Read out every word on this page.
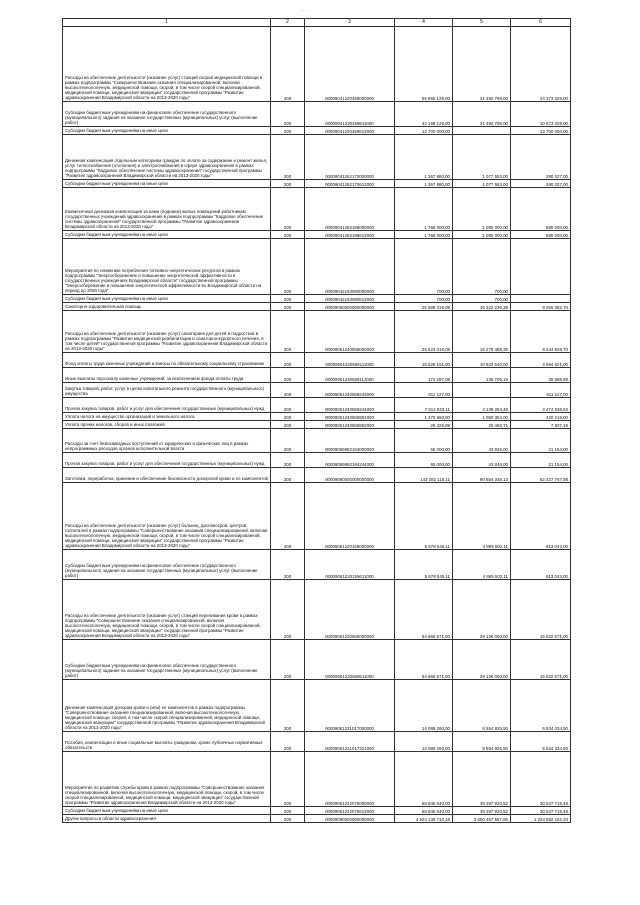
· · ·
1	2	3	4	5	6
Расходы на обеспечение деятельности (оказание услуг) станций скорой медицинской помощи в рамках подпрограммы "Совершенствование оказания специализированной, включая высокотехнологичную, медицинской помощи, скорой, в том числе скорой специализированной, медицинской помощи, медицинской эвакуации" государственной программы "Развитие здравоохранения Владимирской области на 2013-2020 годы"	200	00009041220459000000	55 860 128,00	31 492 799,00	24 373 329,00
Субсидии бюджетным учреждениям на финансовое обеспечение государственного (муниципального) задания на оказание государственных (муниципальных) услуг (выполнение работ)	200	00009041220459611000	42 168 128,00	31 492 799,00	10 673 329,00
Субсидии бюджетным учреждениям на иные цели	200	00009041220459612000	13 700 000,00		13 700 000,00
Денежная компенсация отдельным категориям граждан по оплате за содержание и ремонт жилья, услуг теплоснабжения (отопления) и электроснабжения в сфере здравоохранения в рамках подпрограммы "Кадровое обеспечение системы здравоохранения" государственной программы "Развитие здравоохранения Владимирской области на 2013-2020 годы"	200	00009041262170000000	1 367 880,00	1 077 553,00	290 327,00
Субсидии бюджетным учреждениям на иные цели	200	00009041262170612000	1 367 880,00	1 077 553,00	290 327,00
Ежемесячная денежная компенсация за наем (поднаем) жилых помещений работникам государственных учреждений здравоохранения в рамках подпрограммы "Кадровое обеспечение системы здравоохранения" государственной программы "Развитие здравоохранения Владимирской области на 2013-2020 годы"	200	00009041262188000000	1 769 000,00	1 080 000,00	689 000,00
Субсидии бюджетным учреждениям на иные цели	200	00009041262188612000	1 769 000,00	1 080 000,00	689 000,00
Мероприятия по снижению потребления топливно-энергетических ресурсов в рамках подпрограммы "Энергосбережение и повышение энергетической эффективности в государственных учреждениях Владимирской области" государственной программы "Энергосбережение и повышение энергетической эффективности во Владимирской области на период до 2020 года"	200	00009042153080000000	700,00	700,00	
Субсидии бюджетным учреждениям на иные цели	200	00009042153080612000	700,00	700,00	
Санаторно-оздоровительная помощь	200	00009050000000000000	25 588 318,08	16 322 236,38	9 266 082,70
Расходы на обеспечение деятельности (оказание услуг) санаториев для детей и подростков в рамках подпрограммы "Развитие медицинской реабилитации и санаторно-курортного лечения, в том числе детей" государственной программы "Развитие здравоохранения Владимирской области на 2013-2020 годы"	200	00009051240559000000	25 523 318,08	16 278 389,38	9 244 928,70
Фонд оплаты труда казенных учреждений и взносы по обязательному социальному страхованию	200	00009051240559111000	15 628 161,00	10 923 540,00	4 694 621,00
Иные выплаты персоналу казенных учреждений, за исключением фонда оплаты труда	200	00009051240559112000	172 297,08	135 706,19	36 588,89
Закупка товаров, работ, услуг в целях капитального ремонта государственного (муниципального) имущества	200	00009051240559243000	611 127,00		611 127,00
Прочая закупка товаров, работ и услуг для обеспечения государственных (муниципальных) нужд	200	00009051240559244000	7 612 823,11	4 138 284,48	3 474 538,63
Уплата налога на имущество организаций и земельного налога	200	00009051240559851000	1 470 560,00	1 050 354,00	420 216,00
Уплата прочих налогов, сборов и иных платежей	200	00009051240559852000	28 329,89	20 492,71	7 837,18
Расходы за счет безвозмездных поступлений от юридических и физических лиц в рамках непрограммных расходов органов исполнительной власти	200	00009059992194000000	65 000,00	43 846,00	21 154,00
Прочая закупка товаров, работ и услуг для обеспечения государственных (муниципальных) нужд	200	00009059992194244000	65 000,00	43 846,00	21 154,00
Заготовка, переработка, хранение и обеспечение безопасности донорской крови и ее компонентов	200	00009060000000000000	143 282 116,11	90 854 348,13	52 427 767,98
Расходы на обеспечение деятельности (оказание услуг) больниц, диспансеров, центров, госпиталей в рамках подпрограммы "Совершенствование оказания специализированной, включая высокотехнологичную, медицинской помощи, скорой, в том числе скорой специализированной, медицинской помощи, медицинской эвакуации" государственной программы "Развитие здравоохранения Владимирской области на 2013-2020 годы"	200	00009061220159000000	5 678 545,11	4 865 502,11	813 043,00
Субсидии бюджетным учреждениям на финансовое обеспечение государственного (муниципального) задания на оказание государственных (муниципальных) услуг (выполнение работ)	200	00009061220159611000	5 678 545,11	4 865 502,11	813 043,00
Расходы на обеспечение деятельности (оказание услуг) станций переливания крови в рамках подпрограммы "Совершенствование оказания специализированной, включая высокотехнологичную, медицинской помощи, скорой, в том числе скорой специализированной, медицинской помощи, медицинской эвакуации" государственной программы "Развитие здравоохранения Владимирской области на 2013-2020 годы"	200	00009061220659000000	54 668 671,00	39 136 000,00	15 532 671,00
Субсидии бюджетным учреждениям на финансовое обеспечение государственного (муниципального) задания на оказание государственных (муниципальных) услуг (выполнение работ)	200	00009061220659611000	54 668 671,00	39 136 000,00	15 532 671,00
Денежная компенсация донорам крови и (или) ее компонентов в рамках подпрограммы "Совершенствование оказания специализированной, включая высокотехнологичную, медицинской помощи, скорой, в том числе скорой специализированной, медицинской помощи, медицинской эвакуации" государственной программы "Развитие здравоохранения Владимирской области на 2013-2020 годы"	200	00009061221017000000	14 089 260,00	8 554 925,50	5 534 334,50
Пособия, компенсации и иные социальные выплаты гражданам, кроме публичных нормативных обязательств	200	00009061221017321000	14 089 260,00	8 554 925,50	5 534 334,50
Мероприятия по развитию службы крови в рамках подпрограммы "Совершенствование оказания специализированной, включая высокотехнологичную, медицинской помощи, скорой, в том числе скорой специализированной, медицинской помощи, медицинской эвакуации" государственной программы "Развитие здравоохранения Владимирской области на 2013-2020 годы"	200	00009061222075000000	68 845 640,00	38 297 920,52	30 547 719,48
Субсидии бюджетным учреждениям на иные цели	200	00009061222075612000	68 845 640,00	38 297 920,52	30 547 719,48
Другие вопросы в области здравоохранения	200	00009090000000000000	4 924 139 710,18	3 600 457 557,85	1 323 682 152,33
